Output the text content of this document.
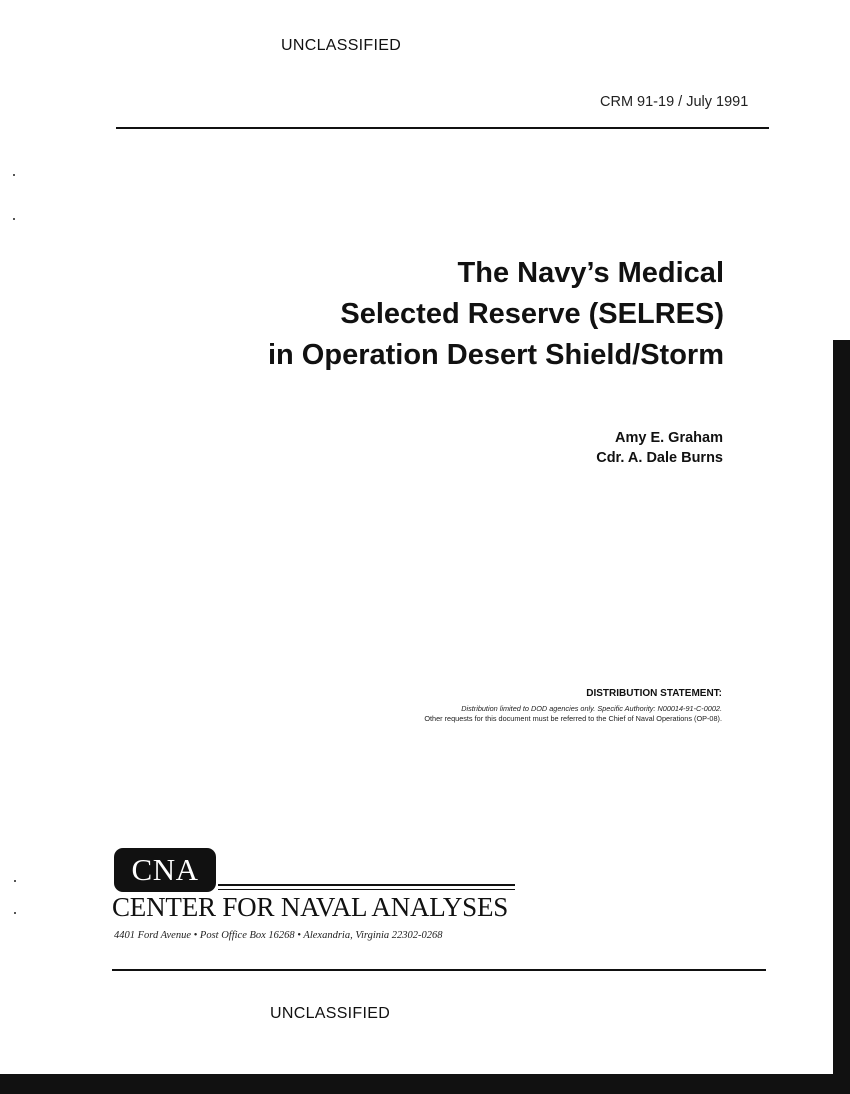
UNCLASSIFIED
CRM 91-19 / July 1991
The Navy’s Medical
Selected Reserve (SELRES)
in Operation Desert Shield/Storm
Amy E. Graham
Cdr. A. Dale Burns
DISTRIBUTION STATEMENT:
Distribution limited to DOD agencies only. Specific Authority: N00014-91-C-0002.
Other requests for this document must be referred to the Chief of Naval Operations (OP-08).
CNA
CENTER FOR NAVAL ANALYSES
4401 Ford Avenue • Post Office Box 16268 • Alexandria, Virginia 22302-0268
UNCLASSIFIED
